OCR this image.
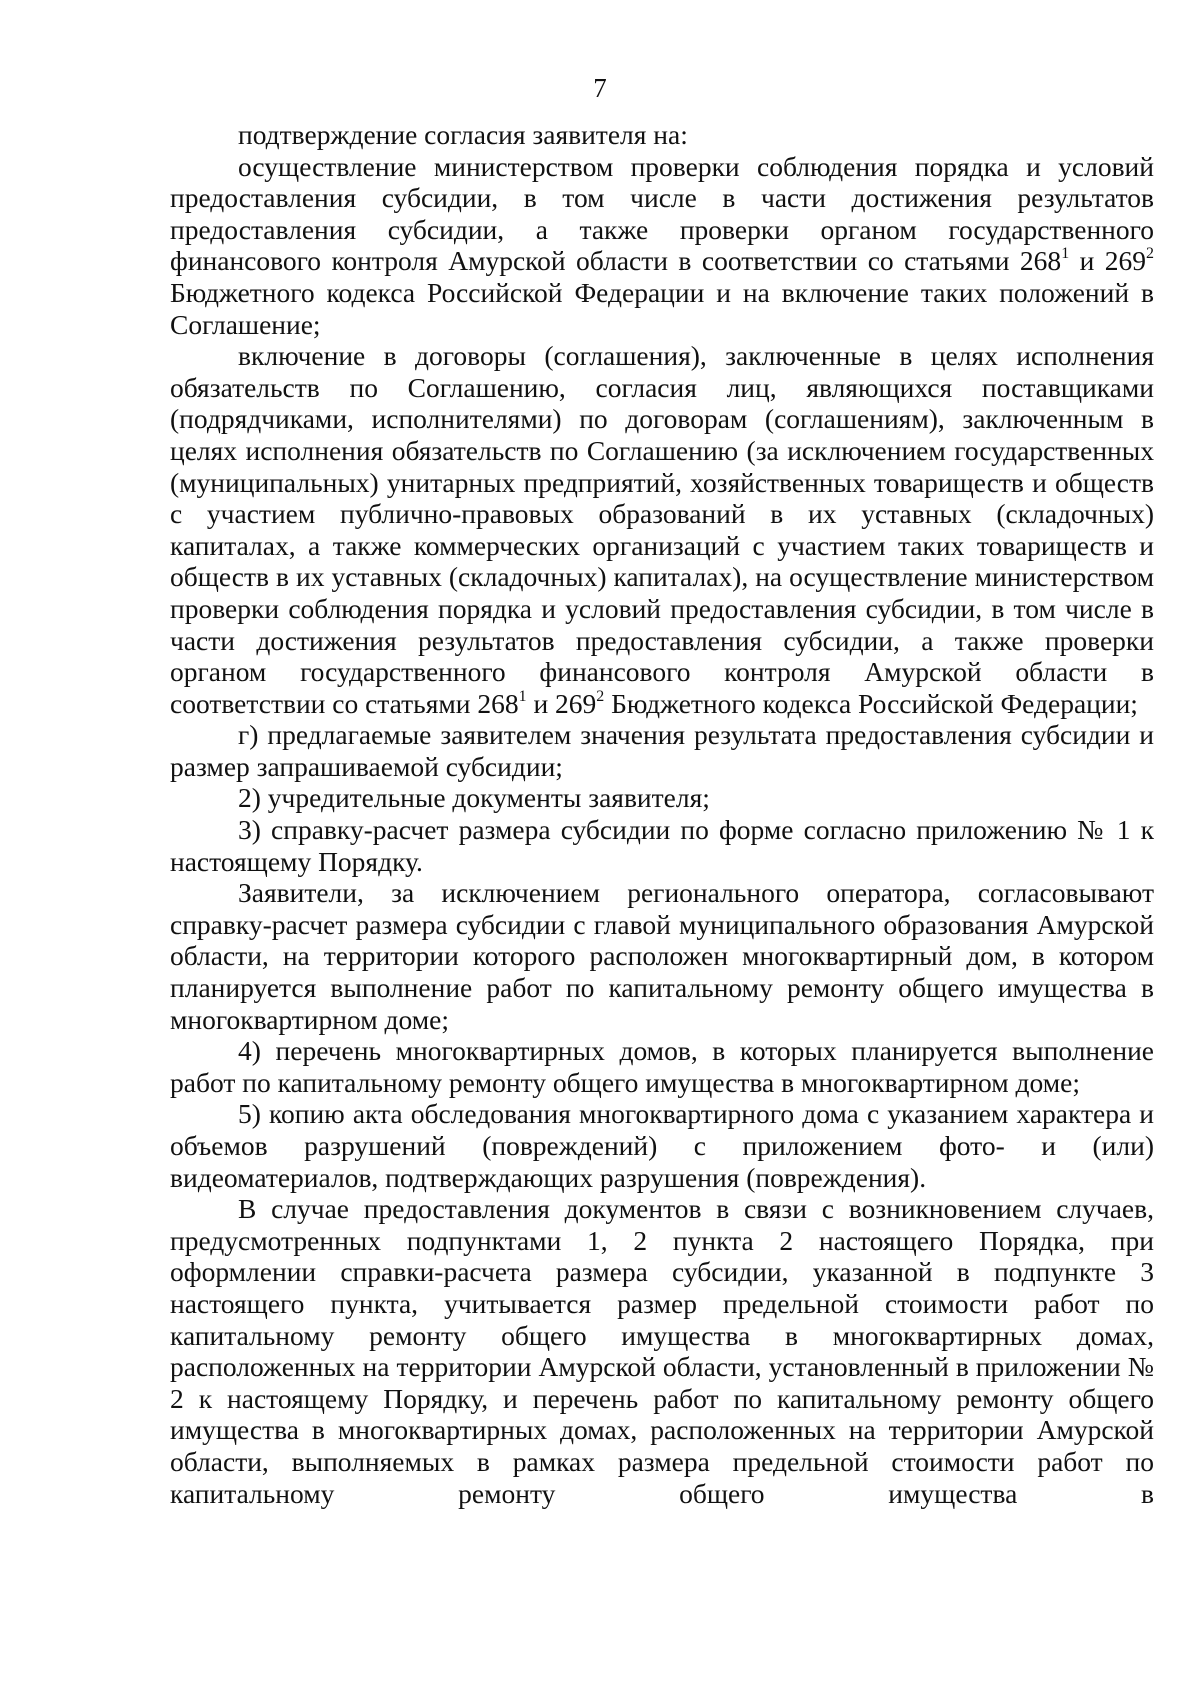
7

подтверждение согласия заявителя на:

осуществление министерством проверки соблюдения порядка и условий предоставления субсидии, в том числе в части достижения результатов предоставления субсидии, а также проверки органом государственного финансового контроля Амурской области в соответствии со статьями $268^1$ и $269^2$ Бюджетного кодекса Российской Федерации и на включение таких положений в Соглашение;

включение в договоры (соглашения), заключенные в целях исполнения обязательств по Соглашению, согласия лиц, являющихся поставщиками (подрядчиками, исполнителями) по договорам (соглашениям), заключенным в целях исполнения обязательств по Соглашению (за исключением государственных (муниципальных) унитарных предприятий, хозяйственных товариществ и обществ с участием публично-правовых образований в их уставных (складочных) капиталах, а также коммерческих организаций с участием таких товариществ и обществ в их уставных (складочных) капиталах), на осуществление министерством проверки соблюдения порядка и условий предоставления субсидии, в том числе в части достижения результатов предоставления субсидии, а также проверки органом государственного финансового контроля Амурской области в соответствии со статьями $268^1$ и $269^2$ Бюджетного кодекса Российской Федерации;

г) предлагаемые заявителем значения результата предоставления субсидии и размер запрашиваемой субсидии;

2) учредительные документы заявителя;

3) справку-расчет размера субсидии по форме согласно приложению № 1 к настоящему Порядку.

Заявители, за исключением регионального оператора, согласовывают справку-расчет размера субсидии с главой муниципального образования Амурской области, на территории которого расположен многоквартирный дом, в котором планируется выполнение работ по капитальному ремонту общего имущества в многоквартирном доме;

4) перечень многоквартирных домов, в которых планируется выполнение работ по капитальному ремонту общего имущества в многоквартирном доме;

5) копию акта обследования многоквартирного дома с указанием характера и объемов разрушений (повреждений) с приложением фото- и (или) видеоматериалов, подтверждающих разрушения (повреждения).

В случае предоставления документов в связи с возникновением случаев, предусмотренных подпунктами 1, 2 пункта 2 настоящего Порядка, при оформлении справки-расчета размера субсидии, указанной в подпункте 3 настоящего пункта, учитывается размер предельной стоимости работ по капитальному ремонту общего имущества в многоквартирных домах, расположенных на территории Амурской области, установленный в приложении № 2 к настоящему Порядку, и перечень работ по капитальному ремонту общего имущества в многоквартирных домах, расположенных на территории Амурской области, выполняемых в рамках размера предельной стоимости работ по капитальному ремонту общего имущества в
